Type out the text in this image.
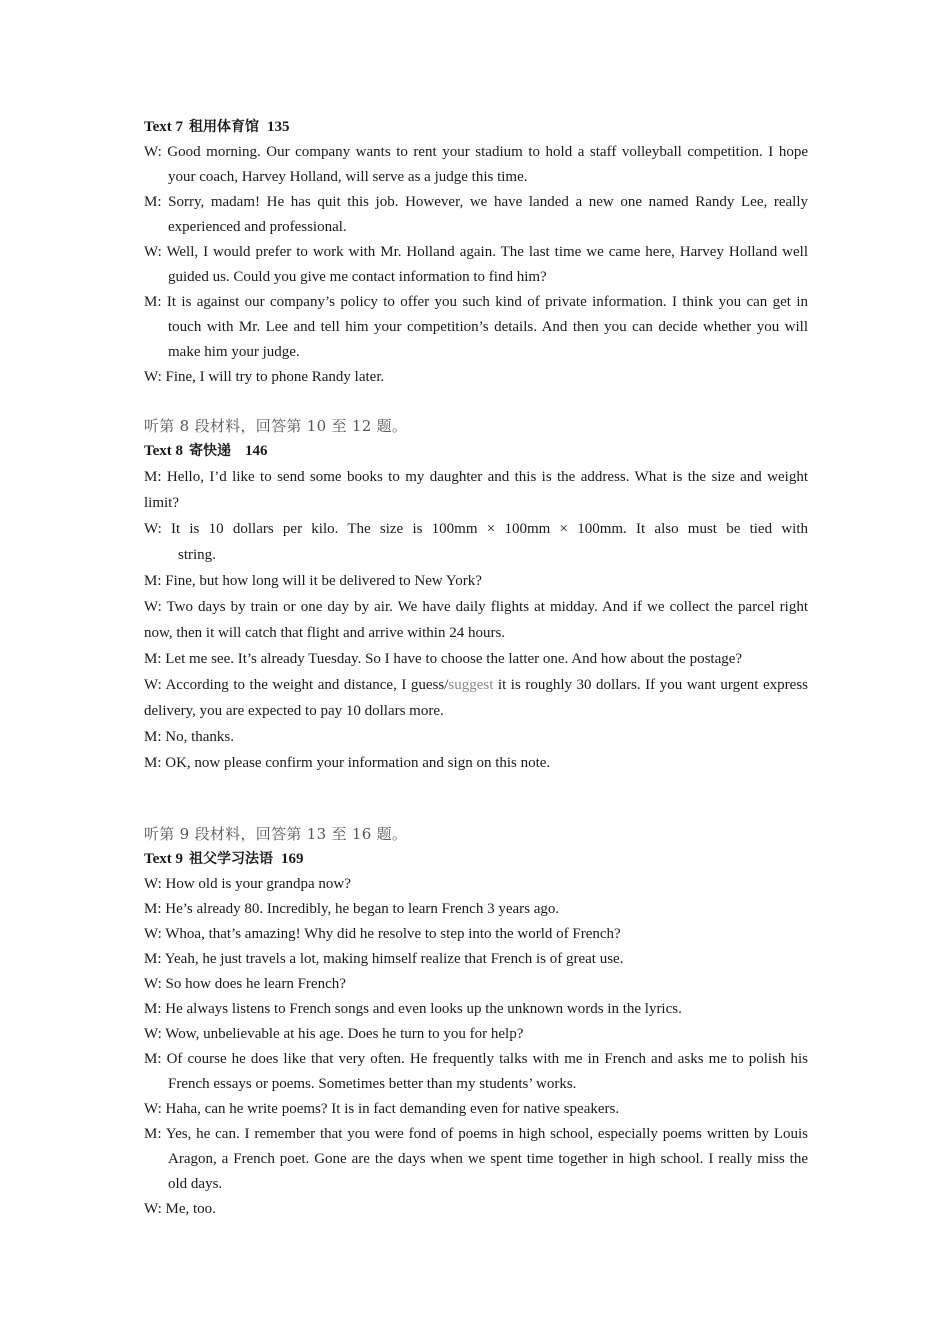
Text 7 租用体育馆 135
W: Good morning. Our company wants to rent your stadium to hold a staff volleyball competition. I hope your coach, Harvey Holland, will serve as a judge this time.
M: Sorry, madam! He has quit this job. However, we have landed a new one named Randy Lee, really experienced and professional.
W: Well, I would prefer to work with Mr. Holland again. The last time we came here, Harvey Holland well guided us. Could you give me contact information to find him?
M: It is against our company’s policy to offer you such kind of private information. I think you can get in touch with Mr. Lee and tell him your competition’s details. And then you can decide whether you will make him your judge.
W: Fine, I will try to phone Randy later.
听第 8 段材料，回答第 10 至 12 题。
Text 8 寄快递 146
M: Hello, I’d like to send some books to my daughter and this is the address. What is the size and weight limit?
W: It is 10 dollars per kilo. The size is 100mm × 100mm × 100mm. It also must be tied with
string.
M: Fine, but how long will it be delivered to New York?
W: Two days by train or one day by air. We have daily flights at midday. And if we collect the parcel right now, then it will catch that flight and arrive within 24 hours.
M: Let me see. It’s already Tuesday. So I have to choose the latter one. And how about the postage?
W: According to the weight and distance, I guess/suggest it is roughly 30 dollars. If you want urgent express delivery, you are expected to pay 10 dollars more.
M: No, thanks.
M: OK, now please confirm your information and sign on this note.
听第 9 段材料，回答第 13 至 16 题。
Text 9 祖父学习法语 169
W: How old is your grandpa now?
M: He’s already 80. Incredibly, he began to learn French 3 years ago.
W: Whoa, that’s amazing! Why did he resolve to step into the world of French?
M: Yeah, he just travels a lot, making himself realize that French is of great use.
W: So how does he learn French?
M: He always listens to French songs and even looks up the unknown words in the lyrics.
W: Wow, unbelievable at his age. Does he turn to you for help?
M: Of course he does like that very often. He frequently talks with me in French and asks me to polish his French essays or poems. Sometimes better than my students’ works.
W: Haha, can he write poems? It is in fact demanding even for native speakers.
M: Yes, he can. I remember that you were fond of poems in high school, especially poems written by Louis Aragon, a French poet. Gone are the days when we spent time together in high school. I really miss the old days.
W: Me, too.
